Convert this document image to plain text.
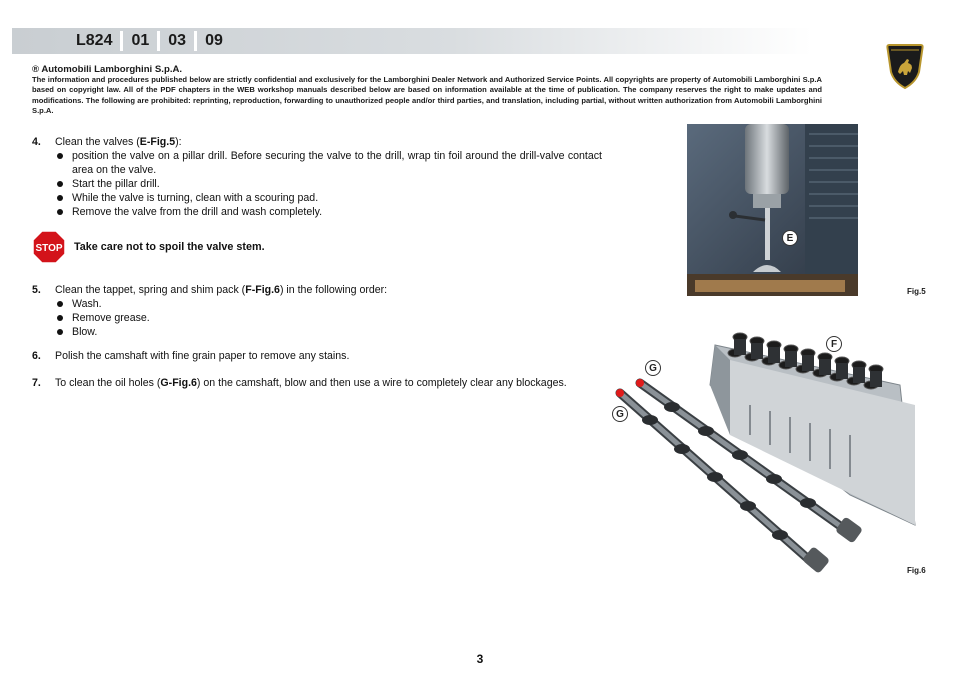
L824	01	03	09
® Automobili Lamborghini S.p.A.
The information and procedures published below are strictly confidential and exclusively for the Lamborghini Dealer Network and Authorized Service Points. All copyrights are property of Automobili Lamborghini S.p.A based on copyright law. All of the PDF chapters in the WEB workshop manuals described below are based on information available at the time of publication. The company reserves the right to make updates and modifications. The following are prohibited: reprinting, reproduction, forwarding to unauthorized people and/or third parties, and translation, including partial, without written authorization from Automobili Lamborghini S.p.A.
4.	Clean the valves (E-Fig.5):
position the valve on a pillar drill. Before securing the valve to the drill, wrap tin foil around the drill-valve contact area on the valve.
Start the pillar drill.
While the valve is turning, clean with a scouring pad.
Remove the valve from the drill and wash completely.
STOP Take care not to spoil the valve stem.
5.	Clean the tappet, spring and shim pack (F-Fig.6) in the following order:
Wash.
Remove grease.
Blow.
6.	Polish the camshaft with fine grain paper to remove any stains.
7.	To clean the oil holes (G-Fig.6) on the camshaft, blow and then use a wire to completely clear any blockages.
E
Fig.5
F
G
G
Fig.6
3
